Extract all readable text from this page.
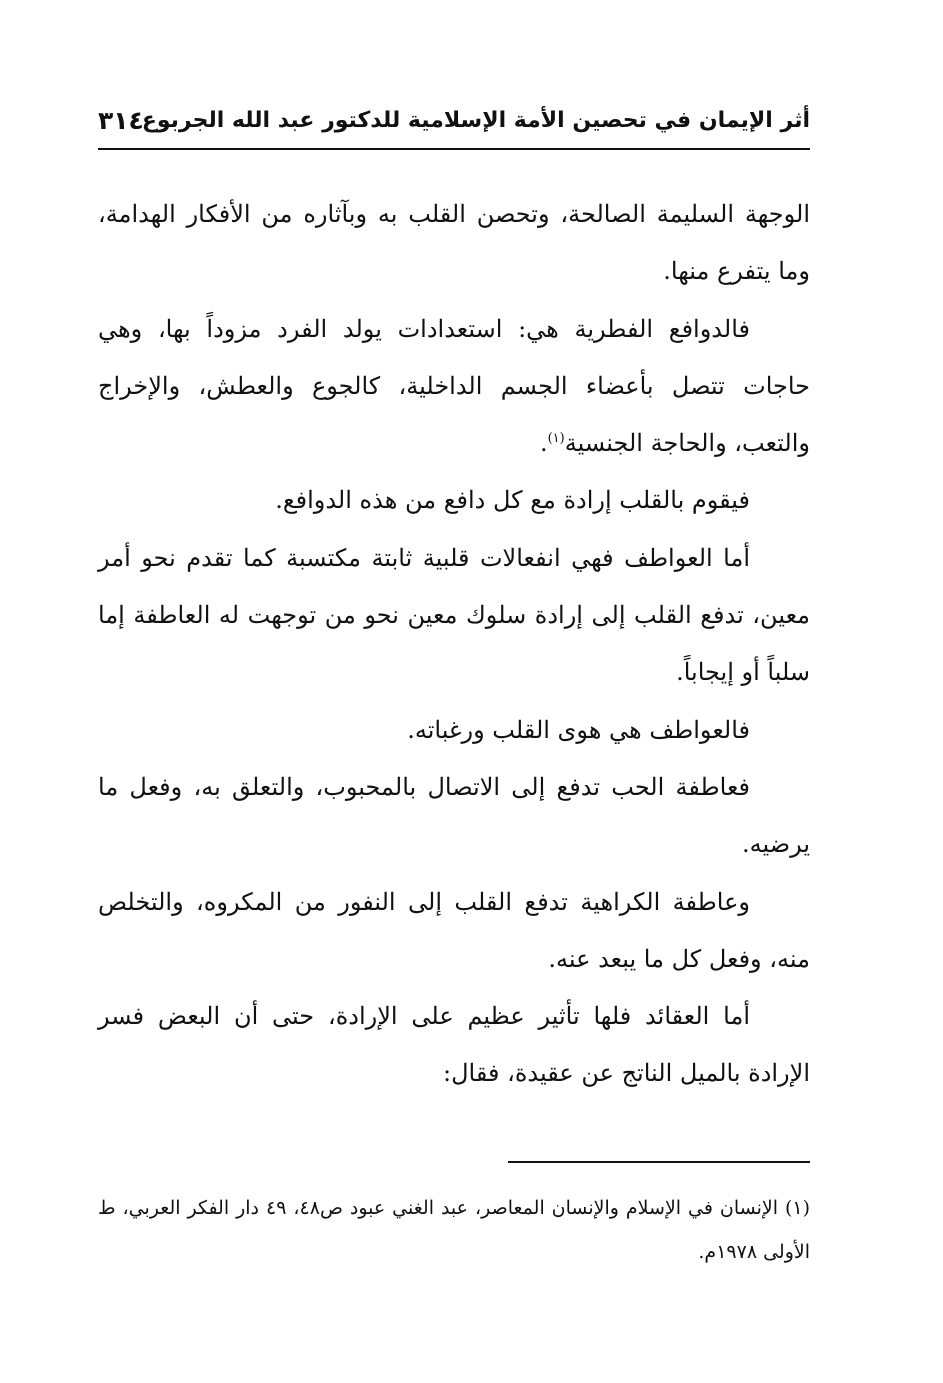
أثر الإيمان في تحصين الأمة الإسلامية للدكتور عبد الله الجربوع
٣١٤

الوجهة السليمة الصالحة، وتحصن القلب به وبآثاره من الأفكار الهدامة، وما يتفرع منها.

فالدوافع الفطرية هي: استعدادات يولد الفرد مزوداً بها، وهي حاجات تتصل بأعضاء الجسم الداخلية، كالجوع والعطش، والإخراج والتعب، والحاجة الجنسية$^{(١)}$.

فيقوم بالقلب إرادة مع كل دافع من هذه الدوافع.

أما العواطف فهي انفعالات قلبية ثابتة مكتسبة كما تقدم نحو أمر معين، تدفع القلب إلى إرادة سلوك معين نحو من توجهت له العاطفة إما سلباً أو إيجاباً.

فالعواطف هي هوى القلب ورغباته.

فعاطفة الحب تدفع إلى الاتصال بالمحبوب، والتعلق به، وفعل ما يرضيه.

وعاطفة الكراهية تدفع القلب إلى النفور من المكروه، والتخلص منه، وفعل كل ما يبعد عنه.

أما العقائد فلها تأثير عظيم على الإرادة، حتى أن البعض فسر الإرادة بالميل الناتج عن عقيدة، فقال:

(١) الإنسان في الإسلام والإنسان المعاصر، عبد الغني عبود ص٤٨، ٤٩ دار الفكر العربي، ط الأولى ١٩٧٨م.
